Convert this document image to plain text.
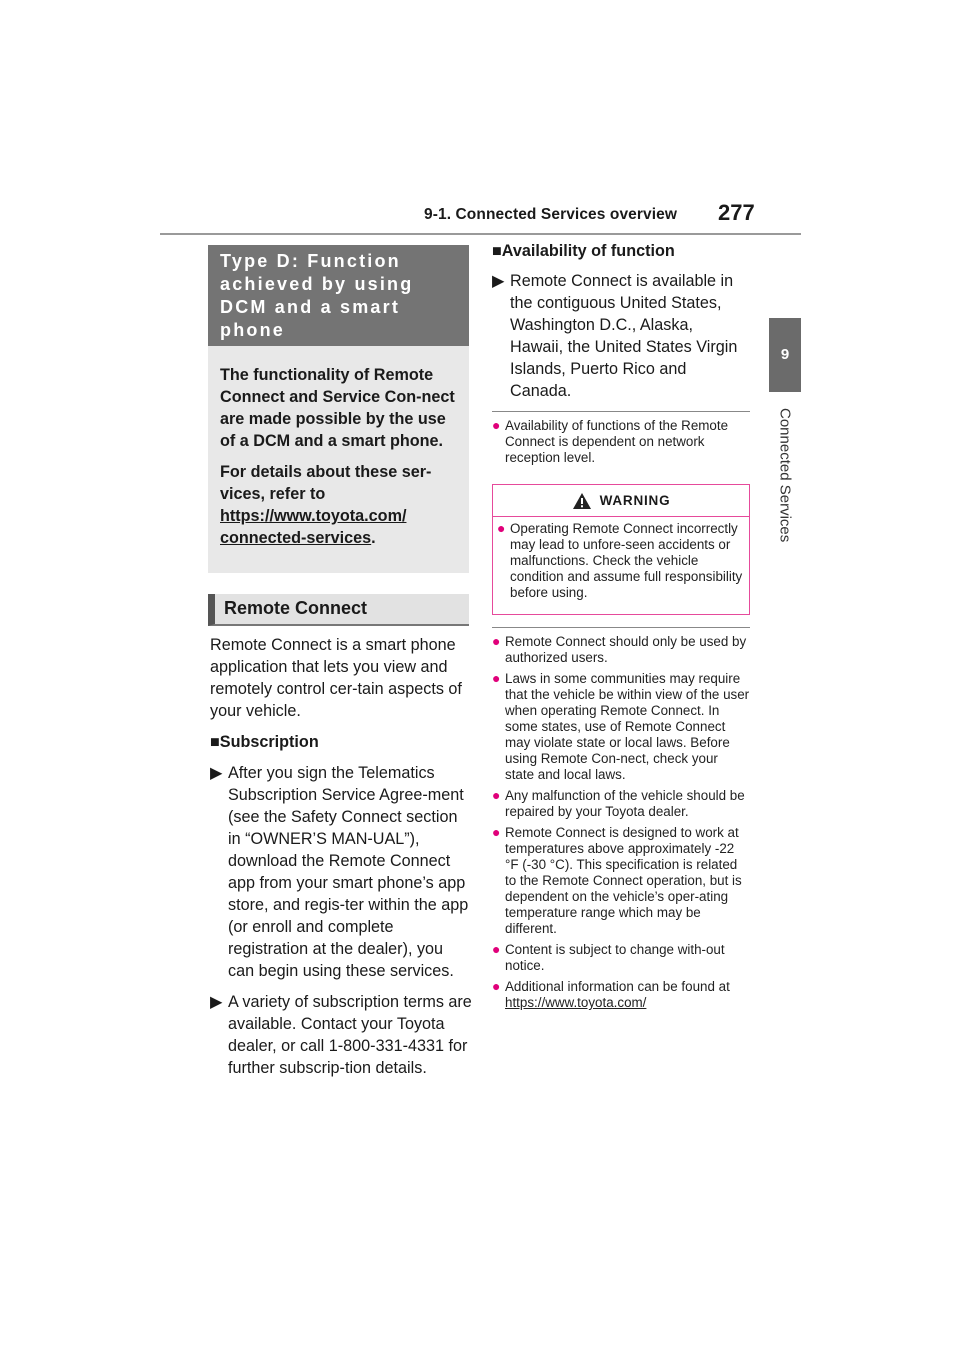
9-1. Connected Services overview 277
9
Connected Services
Type D: Function achieved by using DCM and a smart phone

The functionality of Remote Connect and Service Con-nect are made possible by the use of a DCM and a smart phone.

For details about these ser-vices, refer to
https://www.toyota.com/ connected-services.

Remote Connect

Remote Connect is a smart phone application that lets you view and remotely control cer-tain aspects of your vehicle.

■Subscription

▶ After you sign the Telematics Subscription Service Agree-ment (see the Safety Connect section in “OWNER’S MAN-UAL”), download the Remote Connect app from your smart phone’s app store, and regis-ter within the app (or enroll and complete registration at the dealer), you can begin using these services.
▶ A variety of subscription terms are available. Contact your Toyota dealer, or call 1-800-331-4331 for further subscrip-tion details.

■Availability of function

▶ Remote Connect is available in the contiguous United States, Washington D.C., Alaska, Hawaii, the United States Virgin Islands, Puerto Rico and Canada.
● Availability of functions of the Remote Connect is dependent on network reception level.
WARNING
● Operating Remote Connect incorrectly may lead to unfore-seen accidents or malfunctions. Check the vehicle condition and assume full responsibility before using.
● Remote Connect should only be used by authorized users.
● Laws in some communities may require that the vehicle be within view of the user when operating Remote Connect. In some states, use of Remote Connect may violate state or local laws. Before using Remote Con-nect, check your state and local laws.
● Any malfunction of the vehicle should be repaired by your Toyota dealer.
● Remote Connect is designed to work at temperatures above approximately -22 °F (-30 °C). This specification is related to the Remote Connect operation, but is dependent on the vehicle’s oper-ating temperature range which may be different.
● Content is subject to change with-out notice.
● Additional information can be found at
https://www.toyota.com/
